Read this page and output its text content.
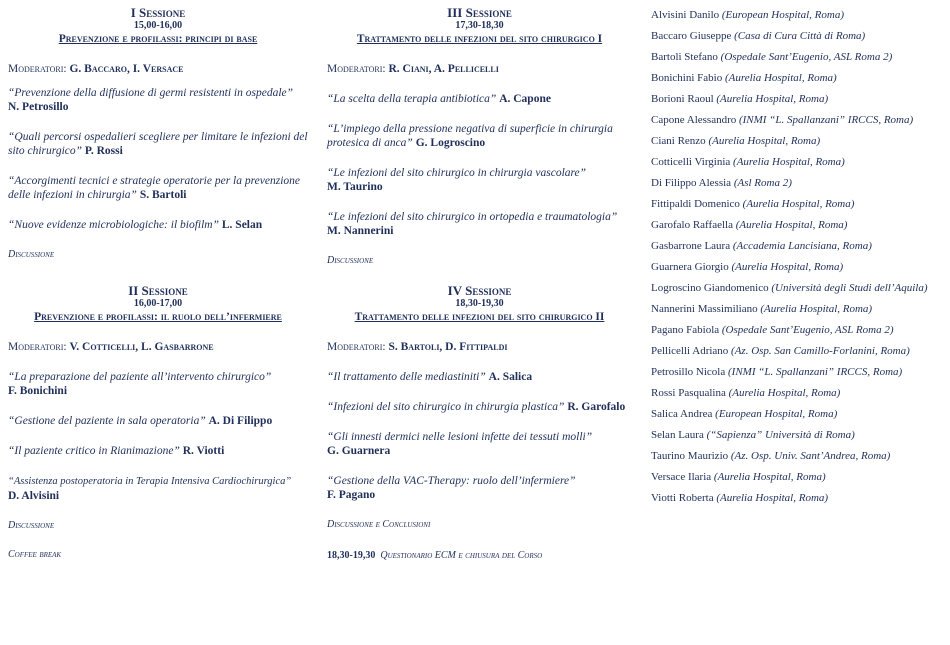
I Sessione
15,00-16,00
Prevenzione e profilassi: principi di base
Moderatori: G. Baccaro, I. Versace
“Prevenzione della diffusione di germi resistenti in ospedale”
N. Petrosillo
“Quali percorsi ospedalieri scegliere per limitare le infezioni del sito chirurgico” P. Rossi
“Accorgimenti tecnici e strategie operatorie per la prevenzione delle infezioni in chirurgia” S. Bartoli
“Nuove evidenze microbiologiche: il biofilm” L. Selan
Discussione
II Sessione
16,00-17,00
Prevenzione e profilassi: il ruolo dell’infermiere
Moderatori: V. Cotticelli, L. Gasbarrone
“La preparazione del paziente all’intervento chirurgico”
F. Bonichini
“Gestione del paziente in sala operatoria” A. Di Filippo
“Il paziente critico in Rianimazione” R. Viotti
“Assistenza postoperatoria in Terapia Intensiva Cardiochirurgica”
D. Alvisini
Discussione
Coffee break
III Sessione
17,30-18,30
Trattamento delle infezioni del sito chirurgico I
Moderatori: R. Ciani, A. Pellicelli
“La scelta della terapia antibiotica” A. Capone
“L’impiego della pressione negativa di superficie in chirurgia protesica di anca” G. Logroscino
“Le infezioni del sito chirurgico in chirurgia vascolare”
M. Taurino
“Le infezioni del sito chirurgico in ortopedia e traumatologia”
M. Nannerini
Discussione
IV Sessione
18,30-19,30
Trattamento delle infezioni del sito chirurgico II
Moderatori: S. Bartoli, D. Fittipaldi
“Il trattamento delle mediastiniti” A. Salica
“Infezioni del sito chirurgico in chirurgia plastica” R. Garofalo
“Gli innesti dermici nelle lesioni infette dei tessuti molli”
G. Guarnera
“Gestione della VAC-Therapy: ruolo dell’infermiere”
F. Pagano
Discussione e Conclusioni
18,30-19,30 Questionario ECM e chiusura del Corso
Alvisini Danilo (European Hospital, Roma)
Baccaro Giuseppe (Casa di Cura Città di Roma)
Bartoli Stefano (Ospedale Sant’Eugenio, ASL Roma 2)
Bonichini Fabio (Aurelia Hospital, Roma)
Borioni Raoul (Aurelia Hospital, Roma)
Capone Alessandro (INMI “L. Spallanzani” IRCCS, Roma)
Ciani Renzo (Aurelia Hospital, Roma)
Cotticelli Virginia (Aurelia Hospital, Roma)
Di Filippo Alessia (Asl Roma 2)
Fittipaldi Domenico (Aurelia Hospital, Roma)
Garofalo Raffaella (Aurelia Hospital, Roma)
Gasbarrone Laura (Accademia Lancisiana, Roma)
Guarnera Giorgio (Aurelia Hospital, Roma)
Logroscino Giandomenico (Università degli Studi dell’Aquila)
Nannerini Massimiliano (Aurelia Hospital, Roma)
Pagano Fabiola (Ospedale Sant’Eugenio, ASL Roma 2)
Pellicelli Adriano (Az. Osp. San Camillo-Forlanini, Roma)
Petrosillo Nicola (INMI “L. Spallanzani” IRCCS, Roma)
Rossi Pasqualina (Aurelia Hospital, Roma)
Salica Andrea (European Hospital, Roma)
Selan Laura (“Sapienza” Università di Roma)
Taurino Maurizio (Az. Osp. Univ. Sant’Andrea, Roma)
Versace Ilaria (Aurelia Hospital, Roma)
Viotti Roberta (Aurelia Hospital, Roma)
